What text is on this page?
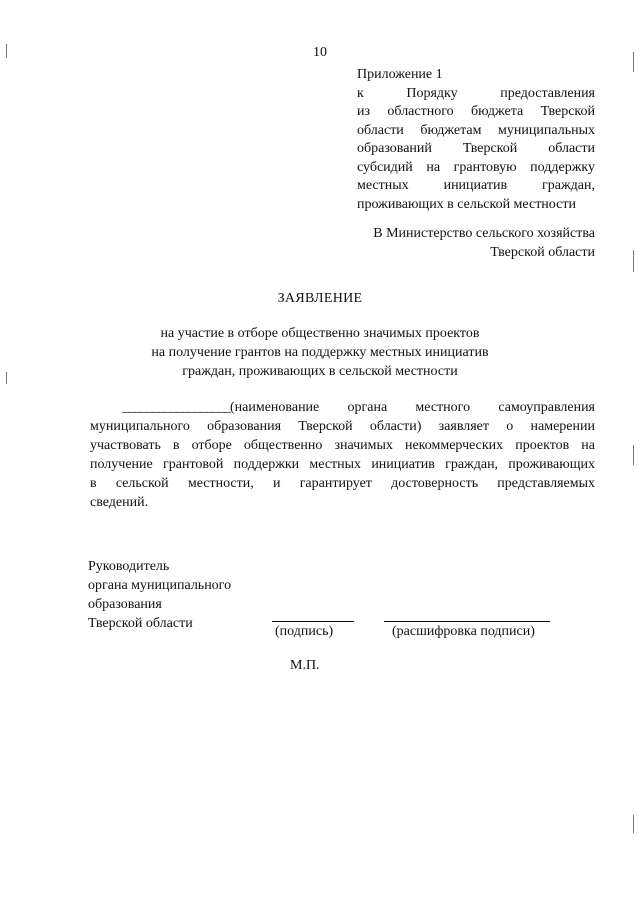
10
Приложение 1
к Порядку предоставления
из областного бюджета Тверской
области бюджетам муниципальных
образований Тверской области
субсидий на грантовую поддержку
местных инициатив граждан,
проживающих в сельской местности
В Министерство сельского хозяйства
Тверской области
ЗАЯВЛЕНИЕ
на участие в отборе общественно значимых проектов
на получение грантов на поддержку местных инициатив
граждан, проживающих в сельской местности
__________________(наименование органа местного самоуправления
муниципального образования Тверской области) заявляет о намерении
участвовать в отборе общественно значимых некоммерческих проектов на
получение грантовой поддержки местных инициатив граждан, проживающих
в сельской местности, и гарантирует достоверность представляемых
сведений.
Руководитель
органа муниципального
образования
Тверской области
(подпись)	(расшифровка подписи)
М.П.
